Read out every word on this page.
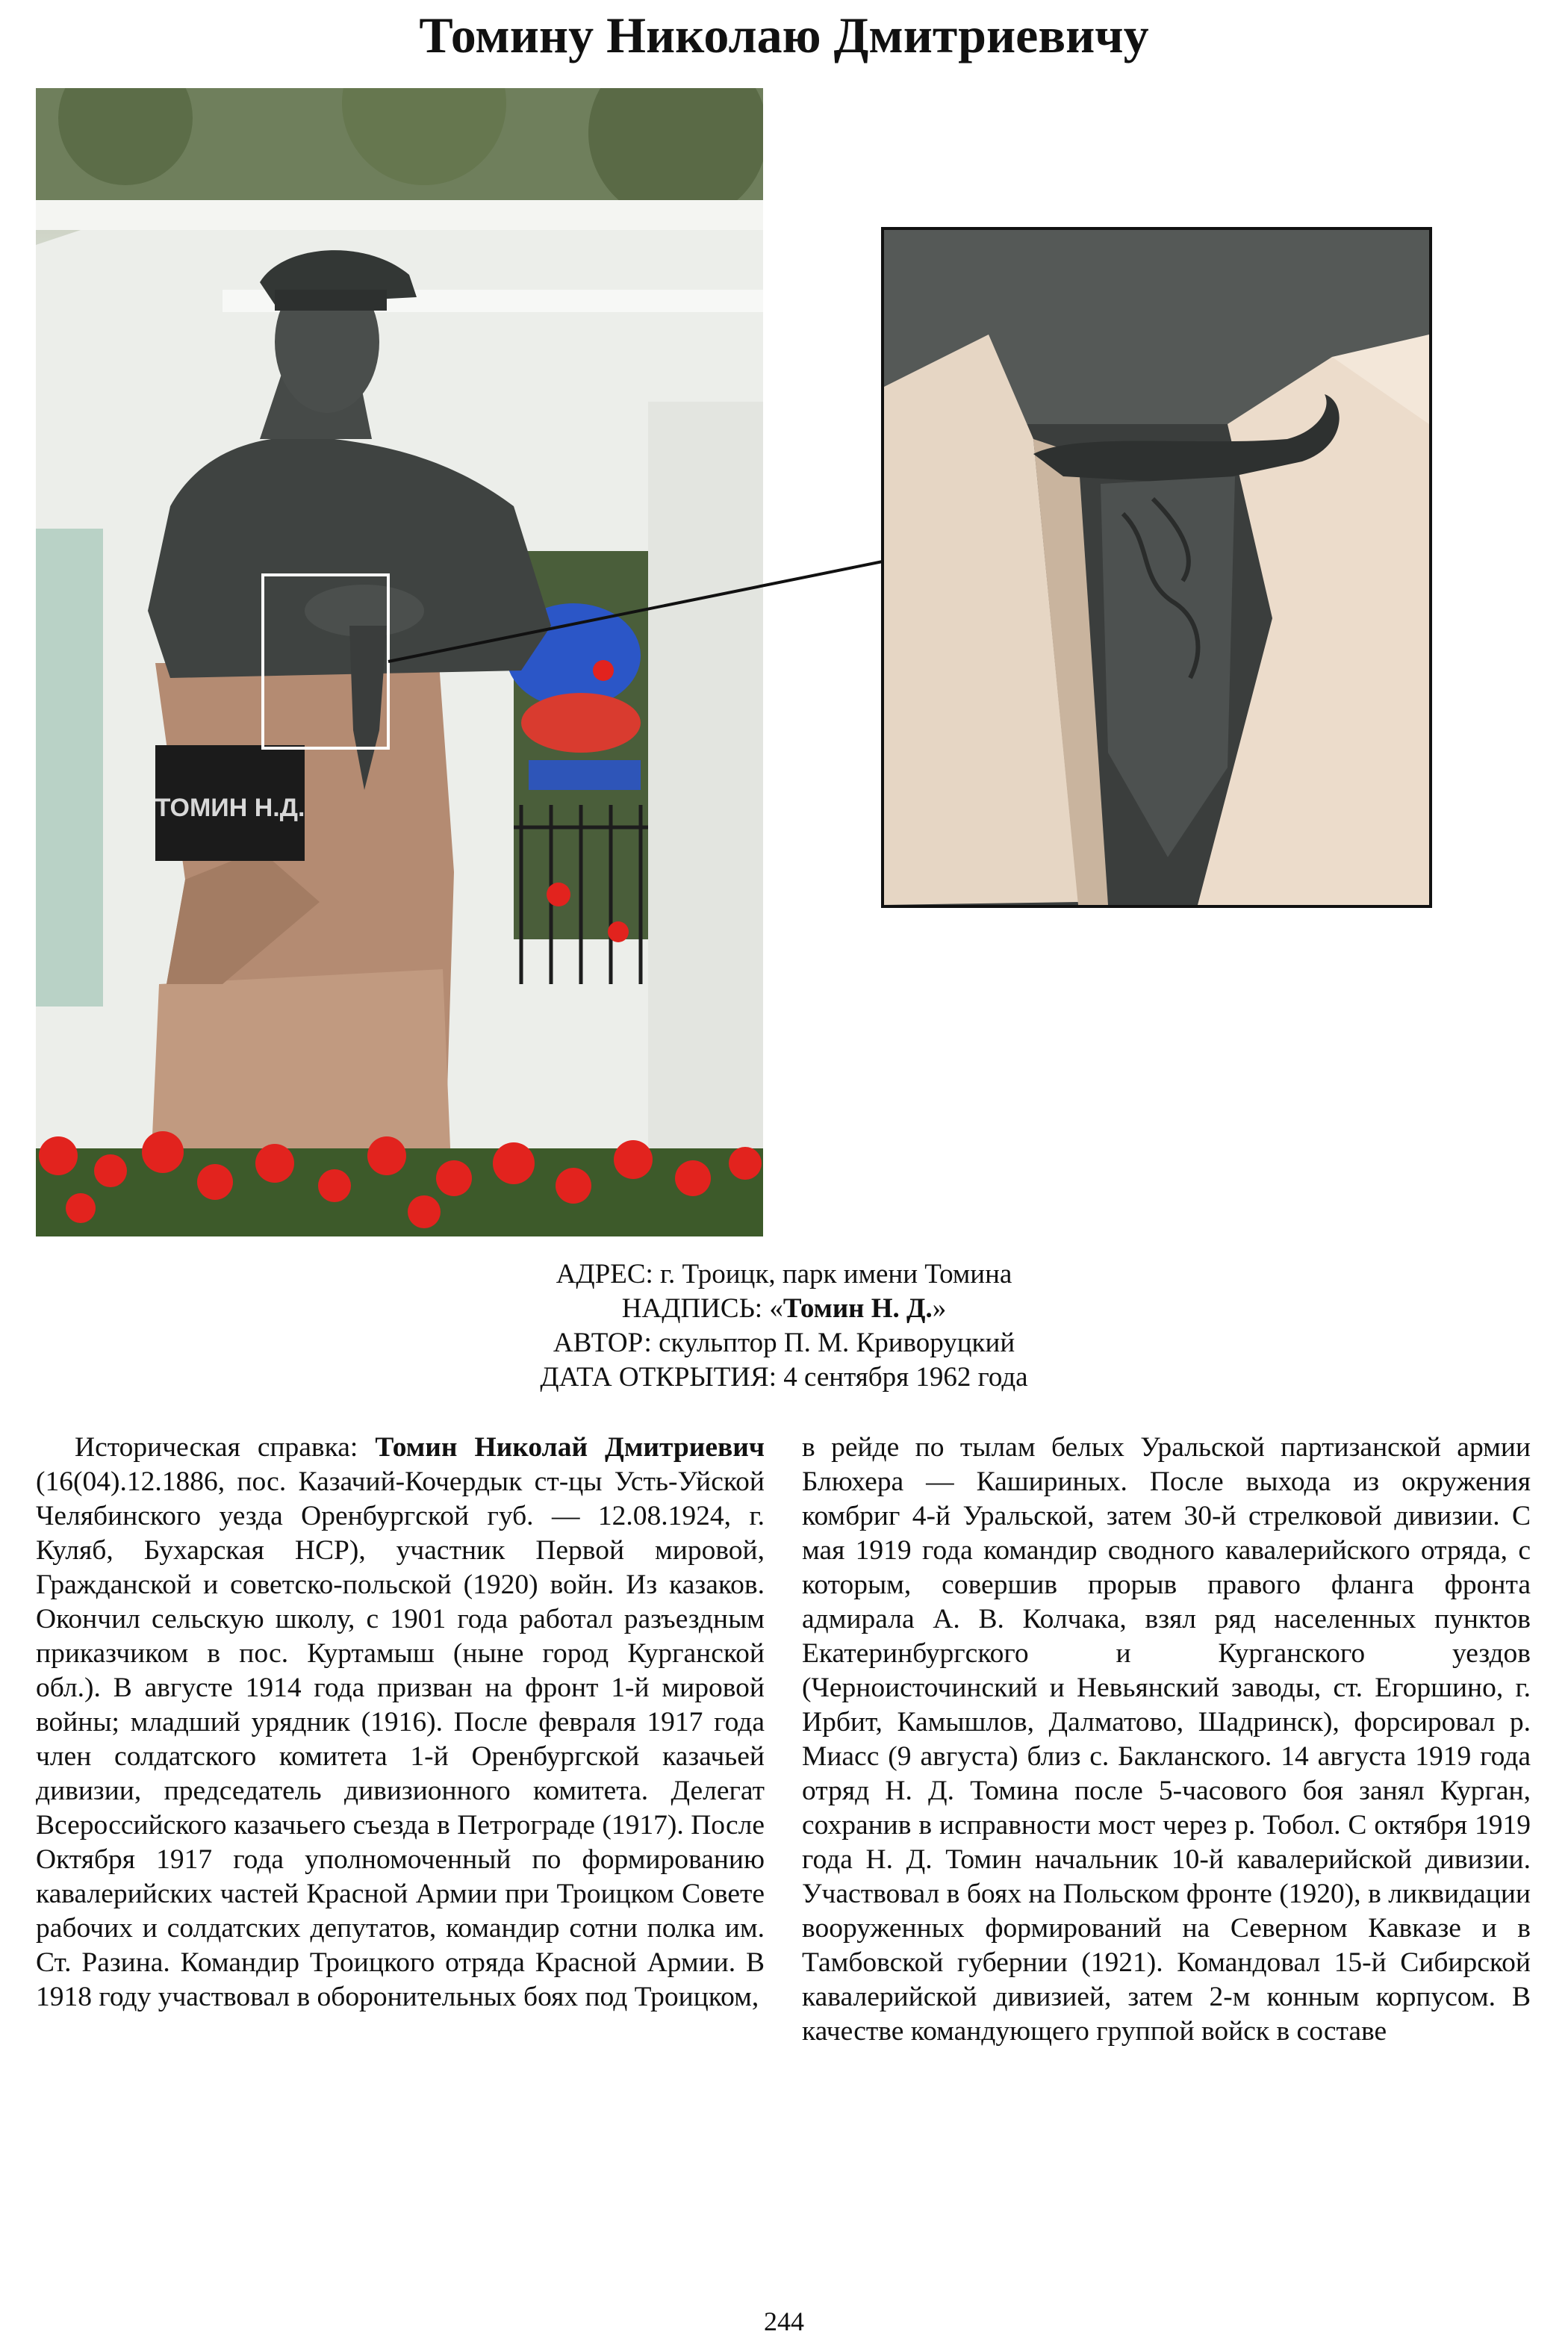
Томину Николаю Дмитриевичу
ТОМИН Н.Д.
АДРЕС: г. Троицк, парк имени Томина
НАДПИСЬ: «Томин Н. Д.»
АВТОР: скульптор П. М. Криворуцкий
ДАТА ОТКРЫТИЯ: 4 сентября 1962 года

Историческая справка: Томин Николай Дмитриевич (16(04).12.1886, пос. Казачий-Кочердык ст-цы Усть-Уйской Челябинского уезда Оренбургской губ. — 12.08.1924, г. Куляб, Бухарская НСР), участник Первой мировой, Гражданской и советско-польской (1920) войн. Из казаков. Окончил сельскую школу, с 1901 года работал разъездным приказчиком в пос. Куртамыш (ныне город Курганской обл.). В августе 1914 года призван на фронт 1-й мировой войны; младший урядник (1916). После февраля 1917 года член солдатского комитета 1-й Оренбургской казачьей дивизии, председатель дивизионного комитета. Делегат Всероссийского казачьего съезда в Петрограде (1917). После Октября 1917 года уполномоченный по формированию кавалерийских частей Красной Армии при Троицком Совете рабочих и солдатских депутатов, командир сотни полка им. Ст. Разина. Командир Троицкого отряда Красной Армии. В 1918 году участвовал в оборонительных боях под Троицком,

в рейде по тылам белых Уральской партизанской армии Блюхера — Кашириных. После выхода из окружения комбриг 4-й Уральской, затем 30-й стрелковой дивизии. С мая 1919 года командир сводного кавалерийского отряда, с которым, совершив прорыв правого фланга фронта адмирала А. В. Колчака, взял ряд населенных пунктов Екатеринбургского и Курганского уездов (Черноисточинский и Невьянский заводы, ст. Егоршино, г. Ирбит, Камышлов, Далматово, Шадринск), форсировал р. Миасс (9 августа) близ с. Бакланского. 14 августа 1919 года отряд Н. Д. Томина после 5-часового боя занял Курган, сохранив в исправности мост через р. Тобол. С октября 1919 года Н. Д. Томин начальник 10-й кавалерийской дивизии. Участвовал в боях на Польском фронте (1920), в ликвидации вооруженных формирований на Северном Кавказе и в Тамбовской губернии (1921). Командовал 15-й Сибирской кавалерийской дивизией, затем 2-м конным корпусом. В качестве командующего группой войск в составе

244
